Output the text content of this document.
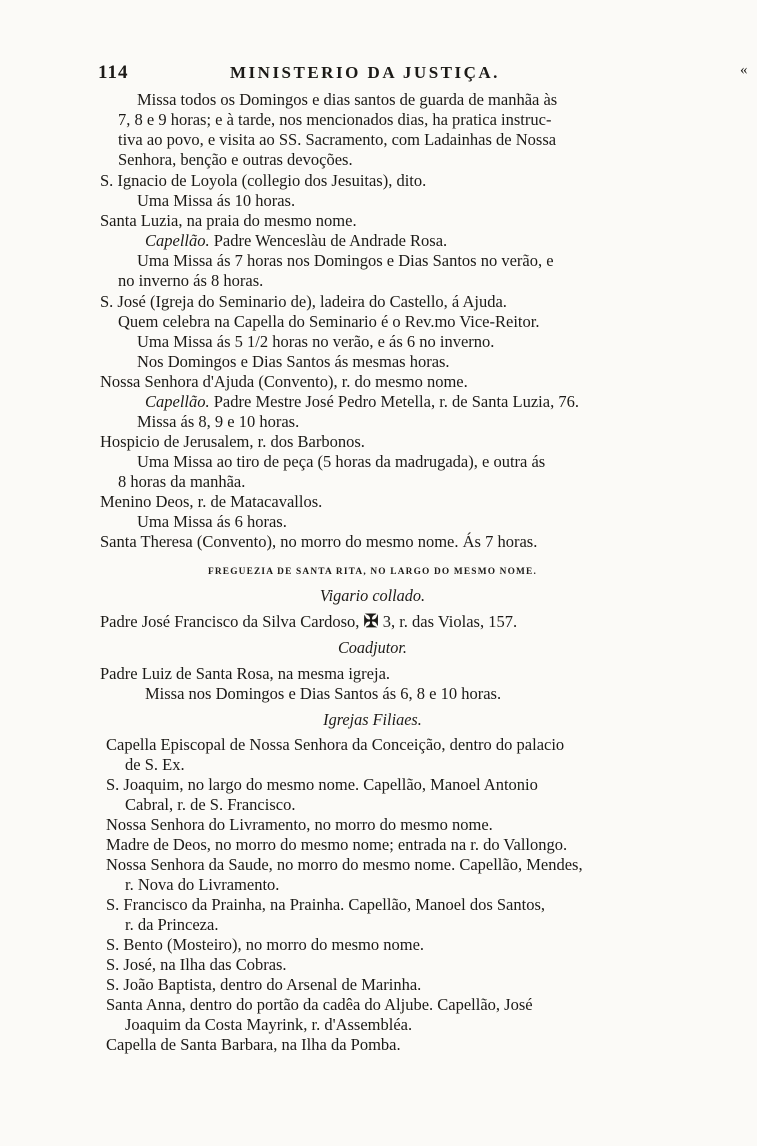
114	MINISTERIO DA JUSTIÇA.	«
Missa todos os Domingos e dias santos de guarda de manhãa às
7, 8 e 9 horas; e à tarde, nos mencionados dias, ha pratica instruc-
tiva ao povo, e visita ao SS. Sacramento, com Ladainhas de Nossa
Senhora, benção e outras devoções.
S. Ignacio de Loyola (collegio dos Jesuitas), dito.
Uma Missa ás 10 horas.
Santa Luzia, na praia do mesmo nome.
Capellão. Padre Wenceslàu de Andrade Rosa.
Uma Missa ás 7 horas nos Domingos e Dias Santos no verão, e
no inverno ás 8 horas.
S. José (Igreja do Seminario de), ladeira do Castello, á Ajuda.
Quem celebra na Capella do Seminario é o Rev.mo Vice-Reitor.
Uma Missa ás 5 1/2 horas no verão, e ás 6 no inverno.
Nos Domingos e Dias Santos ás mesmas horas.
Nossa Senhora d'Ajuda (Convento), r. do mesmo nome.
Capellão. Padre Mestre José Pedro Metella, r. de Santa Luzia, 76.
Missa ás 8, 9 e 10 horas.
Hospicio de Jerusalem, r. dos Barbonos.
Uma Missa ao tiro de peça (5 horas da madrugada), e outra ás
8 horas da manhãa.
Menino Deos, r. de Matacavallos.
Uma Missa ás 6 horas.
Santa Theresa (Convento), no morro do mesmo nome. Ás 7 horas.
FREGUEZIA DE SANTA RITA, NO LARGO DO MESMO NOME.
Vigario collado.
Padre José Francisco da Silva Cardoso, ✠ 3, r. das Violas, 157.
Coadjutor.
Padre Luiz de Santa Rosa, na mesma igreja.
Missa nos Domingos e Dias Santos ás 6, 8 e 10 horas.
Igrejas Filiaes.
Capella Episcopal de Nossa Senhora da Conceição, dentro do palacio
de S. Ex.
S. Joaquim, no largo do mesmo nome. Capellão, Manoel Antonio
Cabral, r. de S. Francisco.
Nossa Senhora do Livramento, no morro do mesmo nome.
Madre de Deos, no morro do mesmo nome; entrada na r. do Vallongo.
Nossa Senhora da Saude, no morro do mesmo nome. Capellão, Mendes,
r. Nova do Livramento.
S. Francisco da Prainha, na Prainha. Capellão, Manoel dos Santos,
r. da Princeza.
S. Bento (Mosteiro), no morro do mesmo nome.
S. José, na Ilha das Cobras.
S. João Baptista, dentro do Arsenal de Marinha.
Santa Anna, dentro do portão da cadêa do Aljube. Capellão, José
Joaquim da Costa Mayrink, r. d'Assembléa.
Capella de Santa Barbara, na Ilha da Pomba.
